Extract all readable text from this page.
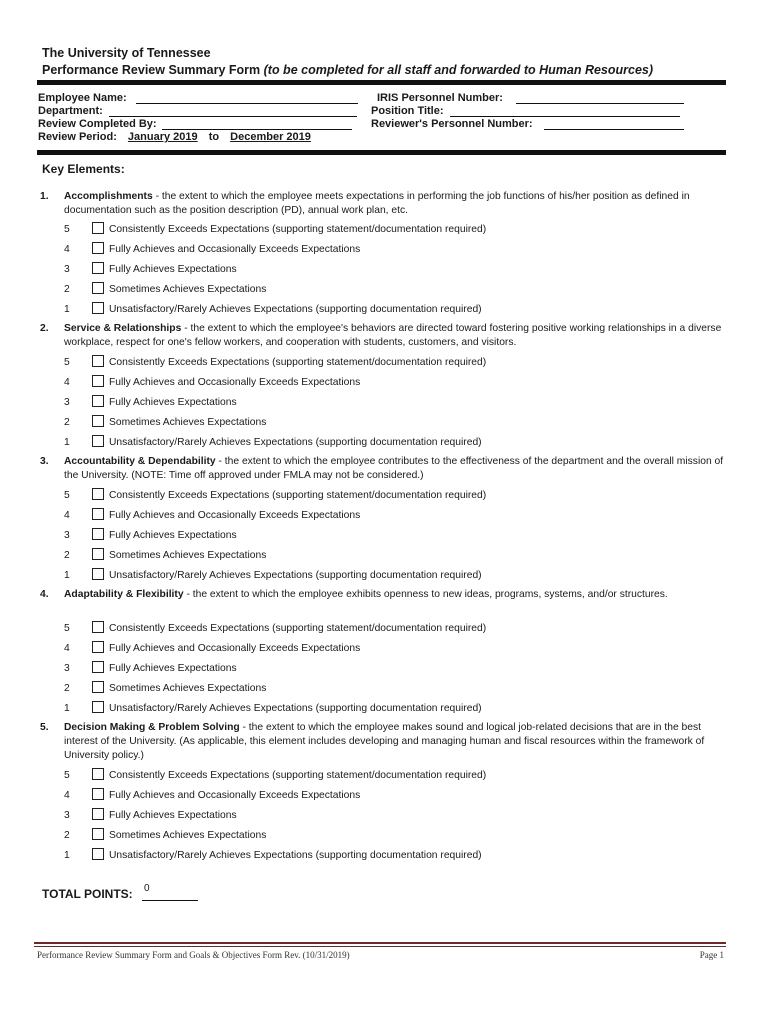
The University of Tennessee
Performance Review Summary Form (to be completed for all staff and forwarded to Human Resources)
Employee Name:
Department:
Review Completed By:
Review Period: January 2019 to December 2019
IRIS Personnel Number:
Position Title:
Reviewer's Personnel Number:
Key Elements:
1. Accomplishments - the extent to which the employee meets expectations in performing the job functions of his/her position as defined in documentation such as the position description (PD), annual work plan, etc.
5	Consistently Exceeds Expectations (supporting statement/documentation required)
4	Fully Achieves and Occasionally Exceeds Expectations
3	Fully Achieves Expectations
2	Sometimes Achieves Expectations
1	Unsatisfactory/Rarely Achieves Expectations (supporting documentation required)
2. Service & Relationships - the extent to which the employee's behaviors are directed toward fostering positive working relationships in a diverse workplace, respect for one's fellow workers, and cooperation with students, customers, and visitors.
5	Consistently Exceeds Expectations (supporting statement/documentation required)
4	Fully Achieves and Occasionally Exceeds Expectations
3	Fully Achieves Expectations
2	Sometimes Achieves Expectations
1	Unsatisfactory/Rarely Achieves Expectations (supporting documentation required)
3. Accountability & Dependability - the extent to which the employee contributes to the effectiveness of the department and the overall mission of the University. (NOTE: Time off approved under FMLA may not be considered.)
5	Consistently Exceeds Expectations (supporting statement/documentation required)
4	Fully Achieves and Occasionally Exceeds Expectations
3	Fully Achieves Expectations
2	Sometimes Achieves Expectations
1	Unsatisfactory/Rarely Achieves Expectations (supporting documentation required)
4. Adaptability & Flexibility - the extent to which the employee exhibits openness to new ideas, programs, systems, and/or structures.
5	Consistently Exceeds Expectations (supporting statement/documentation required)
4	Fully Achieves and Occasionally Exceeds Expectations
3	Fully Achieves Expectations
2	Sometimes Achieves Expectations
1	Unsatisfactory/Rarely Achieves Expectations (supporting documentation required)
5. Decision Making & Problem Solving - the extent to which the employee makes sound and logical job-related decisions that are in the best interest of the University. (As applicable, this element includes developing and managing human and fiscal resources within the framework of University policy.)
5	Consistently Exceeds Expectations (supporting statement/documentation required)
4	Fully Achieves and Occasionally Exceeds Expectations
3	Fully Achieves Expectations
2	Sometimes Achieves Expectations
1	Unsatisfactory/Rarely Achieves Expectations (supporting documentation required)
TOTAL POINTS: 0
Performance Review Summary Form and Goals & Objectives Form Rev. (10/31/2019)	Page 1
